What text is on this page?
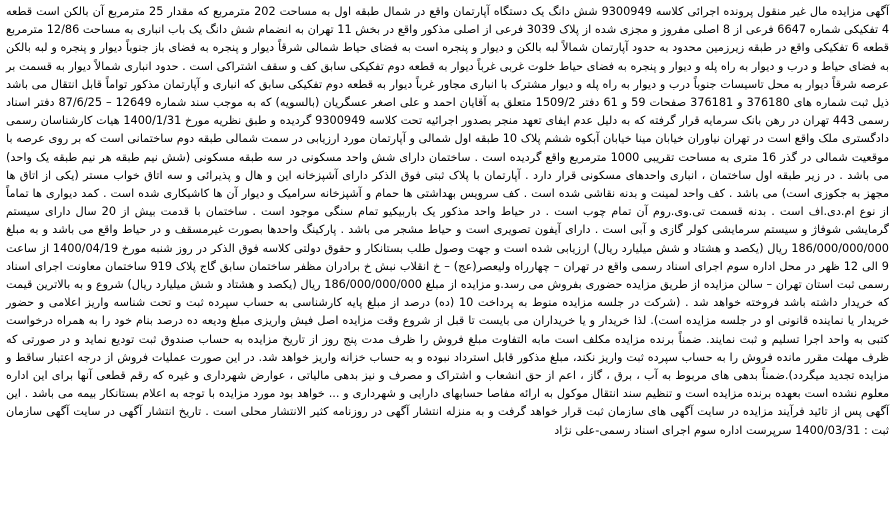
آگهی مزایده مال غیر منقول پرونده اجرائی کلاسه 9300949 شش دانگ یک دستگاه آپارتمان واقع در شمال طبقه اول به مساحت 202 مترمربع که مقدار 25 مترمربع آن بالکن است قطعه 4 تفکیکی شماره 6647 فرعی از 8 اصلی مفروز و مجزی شده از پلاک 3039 فرعی از اصلی مذکور واقع در بخش 11 تهران به انضمام شش دانگ یک باب انباری به مساحت 12/86 مترمربع قطعه 6 تفکیکی واقع در طبقه زیرزمین محدود به حدود آپارتمان شمالاً لبه بالکن و دیوار و پنجره است به فضای حیاط شمالی شرقاً دیوار و پنجره به فضای باز جنوباً دیوار و پنجره و لبه بالکن به فضای حیاط و درب و دیوار به راه پله و دیوار و پنجره به فضای حیاط خلوت غربی غرباً دیوار به قطعه دوم تفکیکی سابق کف و سقف اشتراکی است . حدود انباری شمالاً دیوار به قسمت بر عرصه شرقاً دیوار به محل تاسیسات جنوباً درب و دیوار به راه پله و دیوار مشترک با انباری مجاور غرباً دیوار به قطعه دوم تفکیکی سابق که انباری و آپارتمان مذکور تواماً قابل انتقال می باشد ذیل ثبت شماره های 376180 و 376181 صفحات 59 و 61 دفتر 1509/2 متعلق به آقایان احمد و علی اصغر عسگریان (بالسویه) که به موجب سند شماره 12649 – 87/6/25 دفتر اسناد رسمی 443 تهران در رهن بانک سرمایه قرار گرفته که به دلیل عدم ایفای تعهد منجر بصدور اجرائیه تحت کلاسه 9300949 گردیده و طبق نظریه مورخ 1400/1/31 هیات کارشناسان رسمی دادگستری ملک واقع است در تهران نیاوران خیابان مینا خیابان آبکوه ششم پلاک 10 طبقه اول شمالی و آپارتمان مورد ارزیابی در سمت شمالی طبقه دوم ساختمانی است که بر روی عرصه با موقعیت شمالی در گذر 16 متری به مساحت تقریبی 1000 مترمربع واقع گردیده است . ساختمان دارای شش واحد مسکونی در سه طبقه مسکونی (شش نیم طبقه هر نیم طبقه یک واحد) می باشد . در زیر طبقه اول ساختمان ، انباری واحدهای مسکونی قرار دارد . آپارتمان با پلاک ثبتی فوق الذکر دارای آشپزخانه این و هال و پذیرائی و سه اتاق خواب مستر (یکی از اتاق ها مجهز به جکوزی است) می باشد . کف واحد لمینت و بدنه نقاشی شده است . کف سرویس بهداشتی ها حمام و آشپزخانه سرامیک و دیوار آن ها کاشیکاری شده است . کمد دیواری ها تماماً از نوع ام.دی.اف است . بدنه قسمت تی.وی.روم آن تمام چوب است . در حیاط واحد مذکور یک باربیکیو تمام سنگی موجود است . ساختمان با قدمت بیش از 20 سال دارای سیستم گرمایشی شوفاژ و سیستم سرمایشی کولر گازی و آبی است . دارای آیفون تصویری است و حیاط مشجر می باشد . پارکینگ واحدها بصورت غیرمسقف و در حیاط واقع می باشد و به مبلغ 186/000/000/000 ریال (یکصد و هشتاد و شش میلیارد ریال) ارزیابی شده است و جهت وصول طلب بستانکار و حقوق دولتی کلاسه فوق الذکر در روز شنبه مورخ 1400/04/19 از ساعت 9 الی 12 ظهر در محل اداره سوم اجرای اسناد رسمی واقع در تهران – چهارراه ولیعصر(عج) – خ انقلاب نبش خ برادران مظفر ساختمان سابق گاج پلاک 919 ساختمان معاونت اجرای اسناد رسمی ثبت استان تهران – سالن مزایده از طریق مزایده حضوری بفروش می رسد.و مزایده از مبلغ 186/000/000/000 ریال (یکصد و هشتاد و شش میلیارد ریال) شروع و به بالاترین قیمت که خریدار داشته باشد فروخته خواهد شد . (شرکت در جلسه مزایده منوط به پرداخت 10 (ده) درصد از مبلغ پایه کارشناسی به حساب سپرده ثبت و تحت شناسه واریز اعلامی و حضور خریدار یا نماینده قانونی او در جلسه مزایده است). لذا خریدار و یا خریداران می بایست تا قبل از شروع وقت مزایده اصل فیش واریزی مبلغ ودیعه ده درصد بنام خود را به همراه درخواست کتبی به واحد اجرا تسلیم و ثبت نمایند. ضمناً برنده مزایده مکلف است مابه التفاوت مبلغ فروش را ظرف مدت پنج روز از تاریخ مزایده به حساب صندوق ثبت تودیع نماید و در صورتی که ظرف مهلت مقرر مانده فروش را به حساب سپرده ثبت واریز نکند، مبلغ مذکور قابل استرداد نبوده و به حساب خزانه واریز خواهد شد. در این صورت عملیات فروش از درجه اعتبار ساقط و مزایده تجدید میگردد).ضمناً بدهی های مربوط به آب ، برق ، گاز ، اعم از حق انشعاب و اشتراک و مصرف و نیز بدهی مالیاتی ، عوارض شهرداری و غیره که رقم قطعی آنها برای این اداره معلوم نشده است بعهده برنده مزایده است و تنظیم سند انتقال موکول به ارائه مفاصا حسابهای دارایی و شهرداری و ... خواهد بود مورد مزایده با توجه به اعلام بستانکار بیمه می باشد . این آگهی پس از تائید فرآیند مزایده در سایت آگهی های سازمان ثبت قرار خواهد گرفت و به منزله انتشار آگهی در روزنامه کثیر الانتشار محلی است . تاریخ انتشار آگهی در سایت آگهی سازمان ثبت : 1400/03/31 سرپرست اداره سوم اجرای اسناد رسمی-علی نژاد
